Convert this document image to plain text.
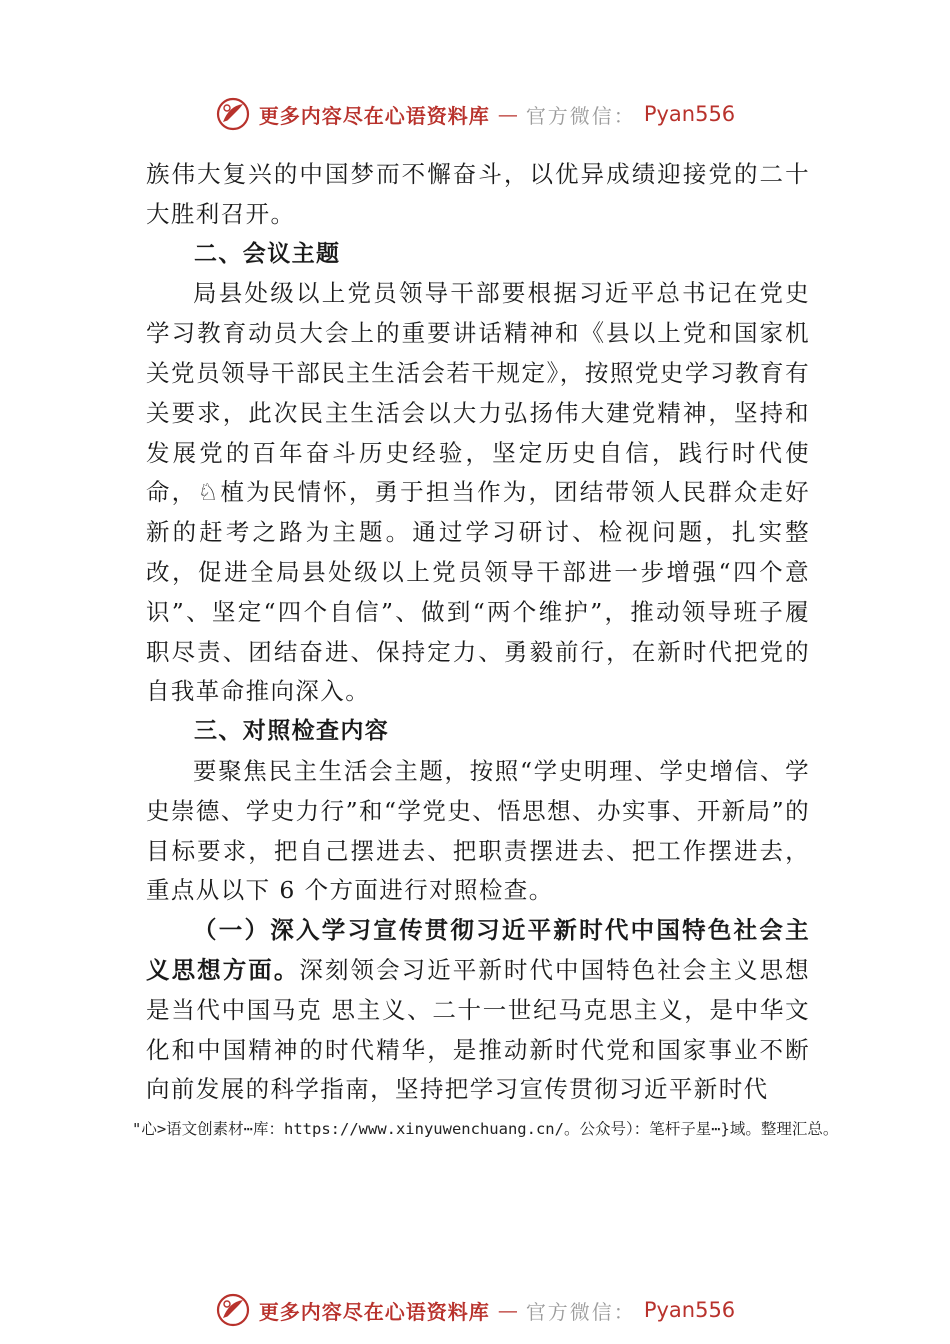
更多内容尽在心语资料库 — 官方微信： Pyan556

族伟大复兴的中国梦而不懈奋斗，以优异成绩迎接党的二十大胜利召开。

二、会议主题

局县处级以上党员领导干部要根据习近平总书记在党史学习教育动员大会上的重要讲话精神和《县以上党和国家机关党员领导干部民主生活会若干规定》，按照党史学习教育有关要求，此次民主生活会以大力弘扬伟大建党精神，坚持和发展党的百年奋斗历史经验，坚定历史自信，践行时代使命，♘植为民情怀，勇于担当作为，团结带领人民群众走好新的赶考之路为主题。通过学习研讨、检视问题，扎实整改，促进全局县处级以上党员领导干部进一步增强“四个意识”、坚定“四个自信”、做到“两个维护”，推动领导班子履职尽责、团结奋进、保持定力、勇毅前行，在新时代把党的自我革命推向深入。

三、对照检查内容

要聚焦民主生活会主题，按照“学史明理、学史增信、学史崇德、学史力行”和“学党史、悟思想、办实事、开新局”的目标要求，把自己摆进去、把职责摆进去、把工作摆进去，重点从以下 6 个方面进行对照检查。

（一）深入学习宣传贯彻习近平新时代中国特色社会主义思想方面。深刻领会习近平新时代中国特色社会主义思想是当代中国马克 思主义、二十一世纪马克思主义，是中华文化和中国精神的时代精华，是推动新时代党和国家事业不断向前发展的科学指南，坚持把学习宣传贯彻习近平新时代

"心>语文创素材⋯库：https://www.xinyuwenchuang.cn/。公众号）：笔杆子星⋯}域。整理汇总。
更多内容尽在心语资料库 — 官方微信： Pyan556
